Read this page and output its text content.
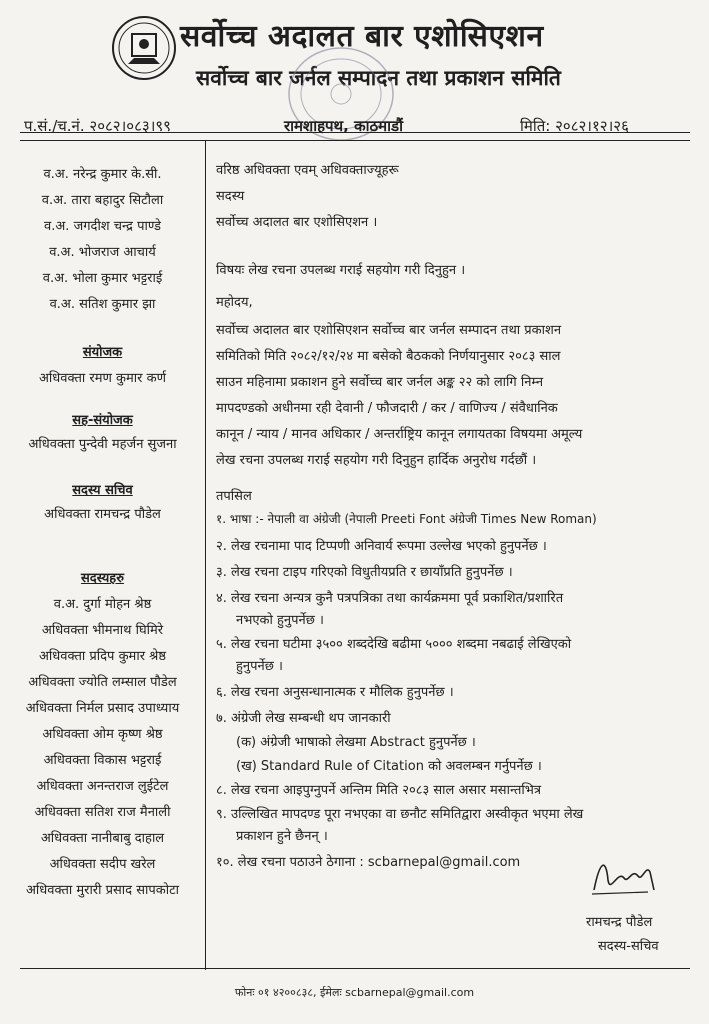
सर्वोच्च अदालत बार एशोसिएशन
सर्वोच्च बार जर्नल सम्पादन तथा प्रकाशन समिति
प.सं./च.नं. २०८२।०८३।९९	रामशाहपथ, काठमाडौं	मिति: २०८२।१२।२६
व.अ. नरेन्द्र कुमार के.सी.
व.अ. तारा बहादुर सिटौला
व.अ. जगदीश चन्द्र पाण्डे
व.अ. भोजराज आचार्य
व.अ. भोला कुमार भट्टराई
व.अ. सतिश कुमार झा
संयोजक
अधिवक्ता रमण कुमार कर्ण
सह-संयोजक
अधिवक्ता पुन्देवी महर्जन सुजना
सदस्य सचिव
अधिवक्ता रामचन्द्र पौडेल
सदस्यहरु
व.अ. दुर्गा मोहन श्रेष्ठ
अधिवक्ता भीमनाथ घिमिरे
अधिवक्ता प्रदिप कुमार श्रेष्ठ
अधिवक्ता ज्योति लम्साल पौडेल
अधिवक्ता निर्मल प्रसाद उपाध्याय
अधिवक्ता ओम कृष्ण श्रेष्ठ
अधिवक्ता विकास भट्टराई
अधिवक्ता अनन्तराज लुईटेल
अधिवक्ता सतिश राज मैनाली
अधिवक्ता नानीबाबु दाहाल
अधिवक्ता सदीप खरेल
अधिवक्ता मुरारी प्रसाद सापकोटा
वरिष्ठ अधिवक्ता एवम् अधिवक्ताज्यूहरू
सदस्य
सर्वोच्च अदालत बार एशोसिएशन ।
विषयः लेख रचना उपलब्ध गराई सहयोग गरी दिनुहुन ।
महोदय,
सर्वोच्च अदालत बार एशोसिएशन सर्वोच्च बार जर्नल सम्पादन तथा प्रकाशन
समितिको मिति २०८२/१२/२४ मा बसेको बैठकको निर्णयानुसार २०८३ साल
साउन महिनामा प्रकाशन हुने सर्वोच्च बार जर्नल अङ्क २२ को लागि निम्न
मापदण्डको अधीनमा रही देवानी / फौजदारी / कर / वाणिज्य / संवैधानिक
कानून / न्याय / मानव अधिकार / अन्तर्राष्ट्रिय कानून लगायतका विषयमा अमूल्य
लेख रचना उपलब्ध गराई सहयोग गरी दिनुहुन हार्दिक अनुरोध गर्दछौं ।
तपसिल
१. भाषा :- नेपाली वा अंग्रेजी (नेपाली Preeti Font अंग्रेजी Times New Roman)
२. लेख रचनामा पाद टिप्पणी अनिवार्य रूपमा उल्लेख भएको हुनुपर्नेछ ।
३. लेख रचना टाइप गरिएको विधुतीयप्रति र छायाँप्रति हुनुपर्नेछ ।
४. लेख रचना अन्यत्र कुनै पत्रपत्रिका तथा कार्यक्रममा पूर्व प्रकाशित/प्रशारित
नभएको हुनुपर्नेछ ।
५. लेख रचना घटीमा ३५०० शब्ददेखि बढीमा ५००० शब्दमा नबढाई लेखिएको
हुनुपर्नेछ ।
६. लेख रचना अनुसन्धानात्मक र मौलिक हुनुपर्नेछ ।
७. अंग्रेजी लेख सम्बन्धी थप जानकारी
(क) अंग्रेजी भाषाको लेखमा Abstract हुनुपर्नेछ ।
(ख) Standard Rule of Citation को अवलम्बन गर्नुपर्नेछ ।
८. लेख रचना आइपुग्नुपर्ने अन्तिम मिति २०८३ साल असार मसान्तभित्र
९. उल्लिखित मापदण्ड पूरा नभएका वा छनौट समितिद्वारा अस्वीकृत भएमा लेख
प्रकाशन हुने छैनन् ।
१०. लेख रचना पठाउने ठेगाना : scbarnepal@gmail.com
रामचन्द्र पौडेल
सदस्य-सचिव
फोनः ०१ ४२००८३८, ईमेलः scbarnepal@gmail.com
